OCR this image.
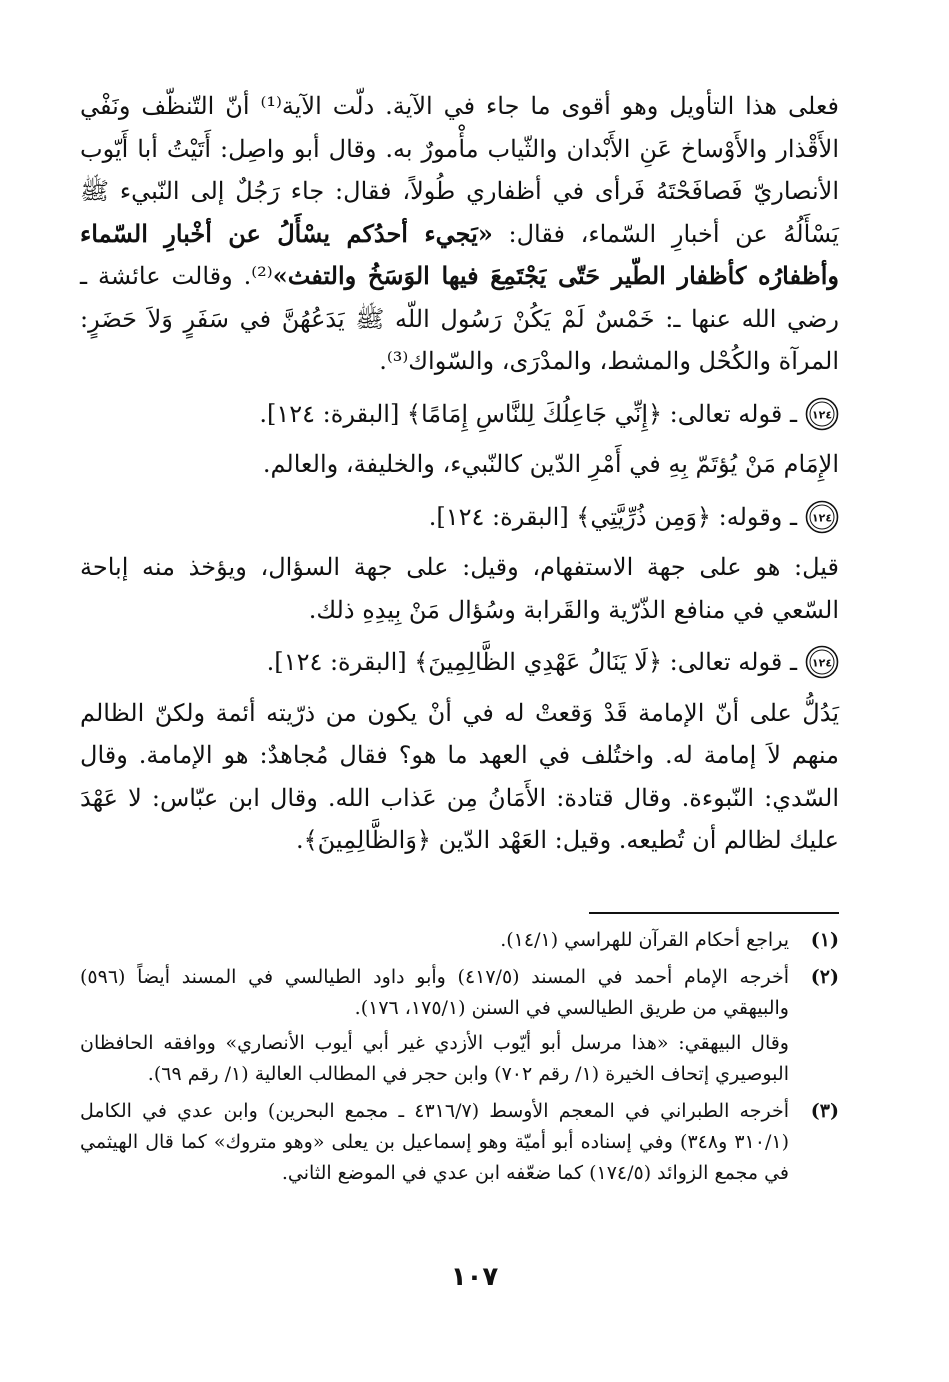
فعلى هذا التأويل وهو أقوى ما جاء في الآية. دلّت الآية⁽¹⁾ أنّ التّنظّف ونَفْي الأَقْذار والأَوْساخ عَنِ الأَبْدان والثّياب مأْمورٌ به. وقال أبو واصِل: أَتَيْتُ أبا أَيّوب الأنصاريّ فَصافَحْتَهُ فَرأى في أظفاري طُولاً، فقال: جاء رَجُلٌ إلى النّبيء ﷺ يَسْأَلُهُ عن أخبارِ السّماء، فقال: «يَجيء أحدُكم يسْأَلُ عن أخْبارِ السّماء وأظفارُه كأظفار الطّير حَتّى يَجْتَمِعَ فيها الوَسَخُ والتفث»⁽²⁾. وقالت عائشة ـ رضي الله عنها ـ: خَمْسٌ لَمْ يَكُنْ رَسُول اللّه ﷺ يَدَعُهُنَّ في سَفَرٍ وَلاَ حَضَرٍ: المرآة والكُحْل والمشط، والمدْرَى، والسّواك⁽³⁾.

١٢٤
ـ قوله تعالى: ﴿إِنِّي جَاعِلُكَ لِلنَّاسِ إِمَامًا﴾ [البقرة: ١٢٤].

الإِمَام مَنْ يُؤتَمّ بِهِ في أَمْرِ الدّين كالنّبيء، والخليفة، والعالم.

١٢٤
ـ وقوله: ﴿وَمِن ذُرِّيَّتِي﴾ [البقرة: ١٢٤].

قيل: هو على جهة الاستفهام، وقيل: على جهة السؤال، ويؤخذ منه إباحة السّعي في منافع الذّرّية والقَرابة وسُؤال مَنْ بِيدِهِ ذلك.

١٢٤
ـ قوله تعالى: ﴿لَا يَنَالُ عَهْدِي الظَّالِمِينَ﴾ [البقرة: ١٢٤].

يَدُلُّ على أنّ الإمامة قَدْ وَقعتْ له في أنْ يكون من ذرّيته أئمة ولكنّ الظالم منهم لاَ إمامة له. واختُلف في العهد ما هو؟ فقال مُجاهدٌ: هو الإمامة. وقال السّدي: النّبوءة. وقال قتادة: الأَمَانُ مِن عَذاب الله. وقال ابن عبّاس: لا عَهْدَ عليك لظالم أن تُطيعه. وقيل: العَهْد الدّين ﴿وَالظَّالِمِينَ﴾.

(١)

يراجع أحكام القرآن للهراسي (١٤/١).

(٢)

أخرجه الإمام أحمد في المسند (٤١٧/٥) وأبو داود الطيالسي في المسند أيضاً (٥٩٦) والبيهقي من طريق الطيالسي في السنن (١٧٥/١، ١٧٦).

وقال البيهقي: «هذا مرسل أبو أيّوب الأزدي غير أبي أيوب الأنصاري» ووافقه الحافظان البوصيري إتحاف الخيرة (١/ رقم ٧٠٢) وابن حجر في المطالب العالية (١/ رقم ٦٩).

(٣)

أخرجه الطبراني في المعجم الأوسط (٤٣١٦/٧ ـ مجمع البحرين) وابن عدي في الكامل (٣١٠/١ و٣٤٨) وفي إسناده أبو أميّة وهو إسماعيل بن يعلى «وهو متروك» كما قال الهيثمي في مجمع الزوائد (١٧٤/٥) كما ضعّفه ابن عدي في الموضع الثاني.

١٠٧
